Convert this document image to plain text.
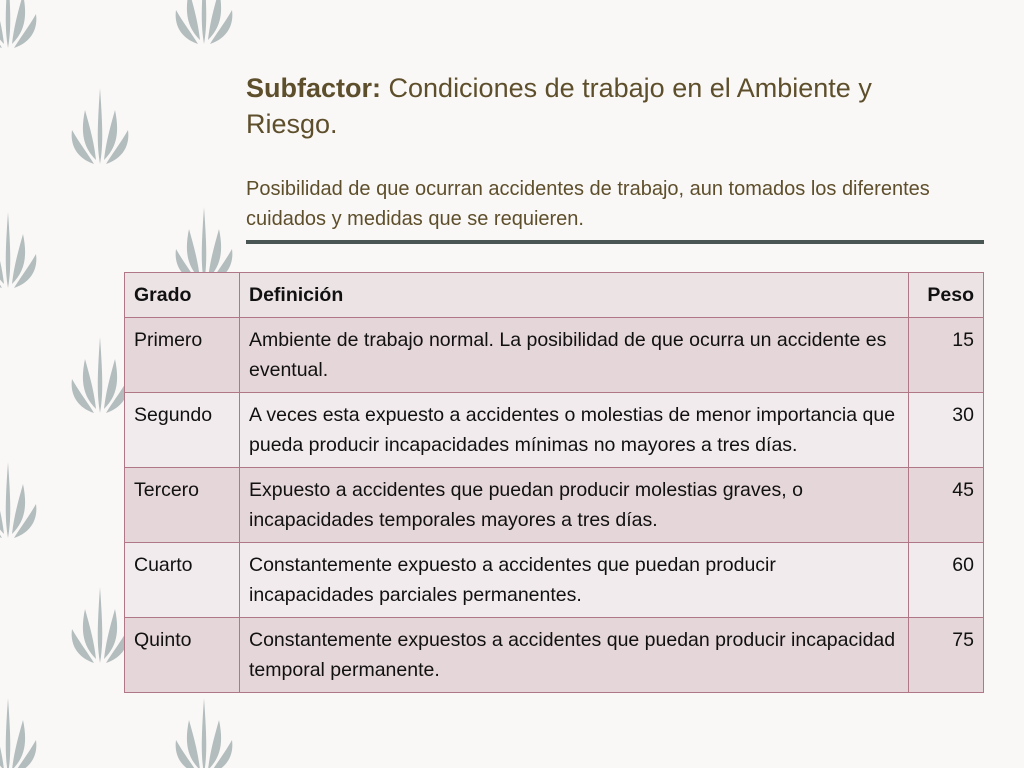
Subfactor: Condiciones de trabajo en el Ambiente y Riesgo.

Posibilidad de que ocurran accidentes de trabajo, aun tomados los diferentes cuidados y medidas que se requieren.

Grado	Definición	Peso
Primero	Ambiente de trabajo normal. La posibilidad de que ocurra un accidente es eventual.	15
Segundo	A veces esta expuesto a accidentes o molestias de menor importancia que pueda producir incapacidades mínimas no mayores a tres días.	30
Tercero	Expuesto a accidentes que puedan producir molestias graves, o incapacidades temporales mayores a tres días.	45
Cuarto	Constantemente expuesto a accidentes que puedan producir incapacidades parciales permanentes.	60
Quinto	Constantemente expuestos a accidentes que puedan producir incapacidad temporal permanente.	75
